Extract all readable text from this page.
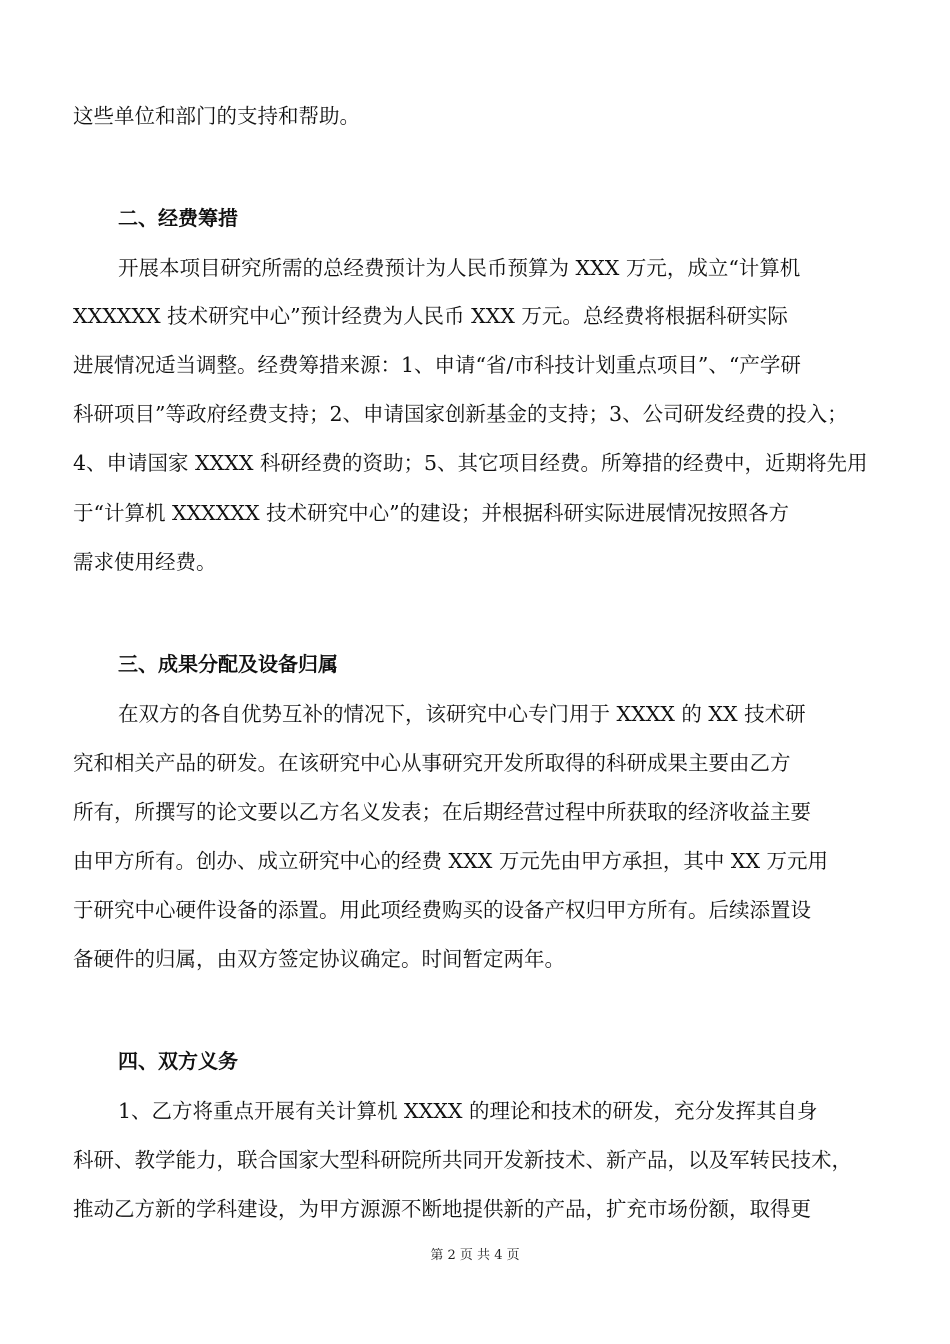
这些单位和部门的支持和帮助。
二、经费筹措
开展本项目研究所需的总经费预计为人民币预算为 XXX 万元，成立“计算机
XXXXXX 技术研究中心”预计经费为人民币 XXX 万元。总经费将根据科研实际
进展情况适当调整。经费筹措来源：1、申请“省/市科技计划重点项目”、“产学研
科研项目”等政府经费支持；2、申请国家创新基金的支持；3、公司研发经费的投入；
4、申请国家 XXXX 科研经费的资助；5、其它项目经费。所筹措的经费中，近期将先用
于“计算机 XXXXXX 技术研究中心”的建设；并根据科研实际进展情况按照各方
需求使用经费。
三、成果分配及设备归属
在双方的各自优势互补的情况下，该研究中心专门用于 XXXX 的 XX 技术研
究和相关产品的研发。在该研究中心从事研究开发所取得的科研成果主要由乙方
所有，所撰写的论文要以乙方名义发表；在后期经营过程中所获取的经济收益主要
由甲方所有。创办、成立研究中心的经费 XXX 万元先由甲方承担，其中 XX 万元用
于研究中心硬件设备的添置。用此项经费购买的设备产权归甲方所有。后续添置设
备硬件的归属，由双方签定协议确定。时间暂定两年。
四、双方义务
1、乙方将重点开展有关计算机 XXXX 的理论和技术的研发，充分发挥其自身
科研、教学能力，联合国家大型科研院所共同开发新技术、新产品，以及军转民技术，
推动乙方新的学科建设，为甲方源源不断地提供新的产品，扩充市场份额，取得更
第 2 页 共 4 页
